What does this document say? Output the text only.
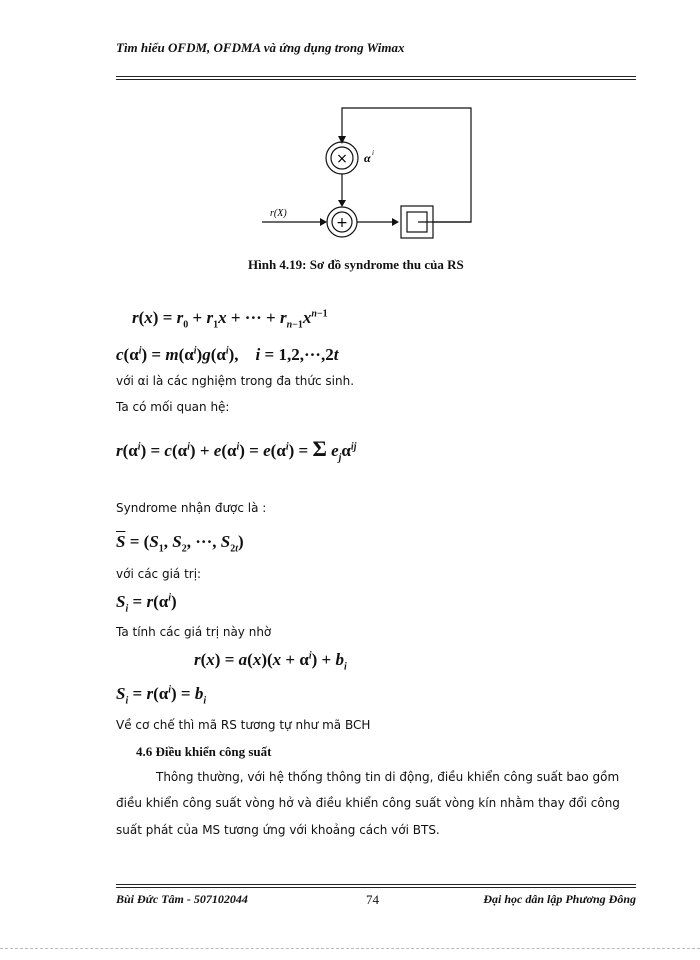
Tìm hiểu OFDM, OFDMA và ứng dụng trong Wimax
× α i
+
r(X)
Hình 4.19: Sơ đồ syndrome thu của RS
$r(x) = r_0 + r_1x$ + ··· + $r_{n-1}x^{n-1}$
$c(\alpha^i) = m(\alpha^i)g(\alpha^i)$,    i = 1,2,···,2t
với αi là các nghiệm trong đa thức sinh.
Ta có mối quan hệ:
$r(\alpha^i) = c(\alpha^i) + e(\alpha^i) = e(\alpha^i) = \Sigma$ $e_j\alpha^{ij}$
Syndrome nhận được là :
$\overline{S} = (S_1$, $S_2$, ···, $S_{2t}$)
với các giá trị:
$S_i = r(\alpha^i)$
Ta tính các giá trị này nhờ
$r(x) = a(x)(x + \alpha^i) + b_i$
$S_i = r(\alpha^i) = b_i$
Về cơ chế thì mã RS tương tự như mã BCH
4.6 Điều khiển công suất
Thông thường, với hệ thống thông tin di động, điều khiển công suất bao gồm
điều khiển công suất vòng hở và điều khiển công suất vòng kín nhằm thay đổi công
suất phát của MS tương ứng với khoảng cách với BTS.
Bùi Đức Tâm - 507102044	74	Đại học dân lập Phương Đông
